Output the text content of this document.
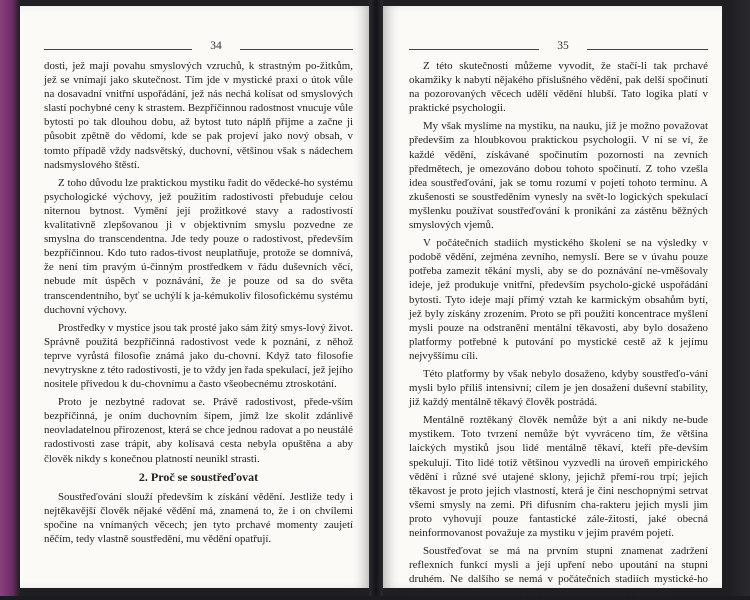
34

dosti, jež mají povahu smyslových vzruchů, k strastným po-žitkům, jež se vnímají jako skutečnost. Tím jde v mystické praxi o útok vůle na dosavadní vnitřní uspořádání, jež nás nechá kolísat od smyslových slastí pochybné ceny k strastem. Bezpříčinnou radostnost vnucuje vůle bytosti po tak dlouhou dobu, až bytost tuto náplň přijme a začne ji působit zpětně do vědomí, kde se pak projeví jako nový obsah, v tomto případě vždy nadsvětský, duchovní, většinou však s nádechem nadsmyslového štěstí.

Z toho důvodu lze praktickou mystiku řadit do vědecké-ho systému psychologické výchovy, jež použitím radostivosti přebuduje celou niternou bytnost. Vymění její prožitkové stavy a radostivostí kvalitativně zlepšovanou ji v objektivním smyslu pozvedne ze smyslna do transcendentna. Jde tedy pouze o radostivost, především bezpříčinnou. Kdo tuto rados-tivost neuplatňuje, protože se domnívá, že není tím pravým ú-činným prostředkem v řádu duševních věcí, nebude mít úspěch v poznávání, že je pouze od sa do světa transcendentního, byť se uchýlí k ja-kémukoliv filosofickému systému duchovní výchovy.

Prostředky v mystice jsou tak prosté jako sám žitý smys-lový život. Správně použitá bezpříčinná radostivost vede k poznání, z něhož teprve vyrůstá filosofie známá jako du-chovní. Když tato filosofie nevytryskne z této radostivosti, je to vždy jen řada spekulací, jež jejího nositele přivedou k du-chovnímu a často všeobecnému ztroskotání.

Proto je nezbytné radovat se. Právě radostivost, přede-vším bezpříčinná, je oním duchovním šípem, jímž lze skolit zdánlivě neovladatelnou přirozenost, která se chce jednou radovat a po neustálé radostivosti zase trápit, aby kolísavá cesta nebyla opuštěna a aby člověk nikdy s konečnou platností neunikl strasti.

2. Proč se soustřeďovat

Soustřeďování slouží především k získání vědění. Jestliže tedy i nejtěkavější člověk nějaké vědění má, znamená to, že i on chvílemi spočine na vnímaných věcech; jen tyto prchavé momenty zaujetí něčím, tedy vlastně soustředění, mu vědění opatřují.

35

Z této skutečnosti můžeme vyvodit, že stačí-li tak prchavé okamžiky k nabytí nějakého příslušného vědění, pak delší spočinutí na pozorovaných věcech udělí vědění hlubší. Tato logika platí v praktické psychologii.

My však myslíme na mystiku, na nauku, již je možno považovat především za hloubkovou praktickou psychologii. V ní se ví, že každé vědění, získávané spočinutím pozornosti na zevních předmětech, je omezováno dobou tohoto spočinutí. Z toho vzešla idea soustřeďování, jak se tomu rozumí v pojetí tohoto termínu. A zkušenosti se soustředěním vynesly na svět-lo logických spekulací myšlenku používat soustřeďování k pronikání za zástěnu běžných smyslových vjemů.

V počátečních stadiích mystického školení se na výsledky v podobě vědění, zejména zevního, nemyslí. Bere se v úvahu pouze potřeba zamezit těkání mysli, aby se do poznávání ne-vměšovaly ideje, jež produkuje vnitřní, především psycholo-gické uspořádání bytosti. Tyto ideje mají přímý vztah ke karmickým obsahům bytí, jež byly získány zrozením. Proto se při použití koncentrace myšlení mysli pouze na odstranění mentální těkavosti, aby bylo dosaženo platformy potřebné k putování po mystické cestě až k jejímu nejvyššímu cíli.

Této platformy by však nebylo dosaženo, kdyby soustřeďo-vání mysli bylo příliš intensivní; cílem je jen dosažení duševní stability, již každý mentálně těkavý člověk postrádá.

Mentálně roztěkaný člověk nemůže být a ani nikdy ne-bude mystikem. Toto tvrzení nemůže být vyvráceno tím, že většina laických mystiků jsou lidé mentálně těkaví, kteří pře-devším spekulují. Tito lidé totiž většinou vyzvedli na úroveň empirického vědění i různé své utajené sklony, jejichž přemí-rou trpí; jejich těkavost je proto jejich vlastností, která je čini neschopnými setrvat všemi smysly na zemi. Při difusním cha-rakteru jejich mysli jim proto vyhovují pouze fantastické zále-žitosti, jaké obecná neinformovanost považuje za mystiku v jejím pravém pojetí.

Soustřeďovat se má na prvním stupni znamenat zadržení reflexních funkcí mysli a její upření nebo upoutání na stupni druhém. Ne dalšího se nemá v počátečních stadiích mystické-ho úsilí sledovat. Upřením mysli se proto míní pouze její zadr-
